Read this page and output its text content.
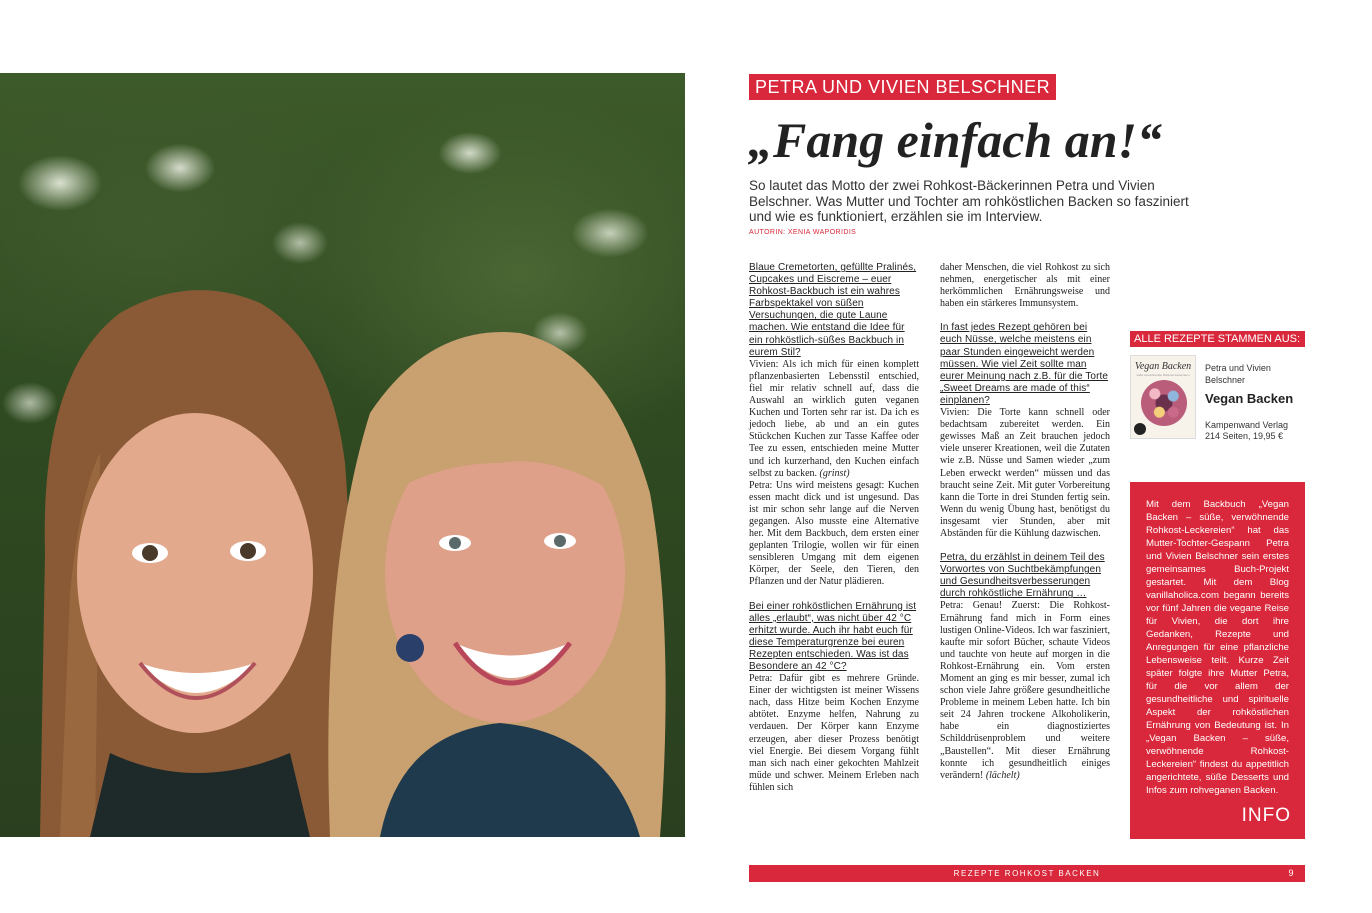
PETRA UND VIVIEN BELSCHNER
„Fang einfach an!“
So lautet das Motto der zwei Rohkost-Bäckerinnen Petra und Vivien Belschner. Was Mutter und Tochter am rohköstlichen Backen so fasziniert und wie es funktioniert, erzählen sie im Interview.
AUTORIN: XENIA WAPORIDIS

Blaue Cremetorten, gefüllte Pralinés, Cupcakes und Eiscreme – euer Rohkost-Backbuch ist ein wahres Farbspektakel von süßen Versuchungen, die gute Laune machen. Wie entstand die Idee für ein rohköstlich-süßes Backbuch in eurem Stil?

Vivien: Als ich mich für einen komplett pflanzenbasierten Lebensstil entschied, fiel mir relativ schnell auf, dass die Auswahl an wirklich guten veganen Kuchen und Torten sehr rar ist. Da ich es jedoch liebe, ab und an ein gutes Stückchen Kuchen zur Tasse Kaffee oder Tee zu essen, entschieden meine Mutter und ich kurzerhand, den Kuchen einfach selbst zu backen. (grinst)

Petra: Uns wird meistens gesagt: Kuchen essen macht dick und ist ungesund. Das ist mir schon sehr lange auf die Nerven gegangen. Also musste eine Alternative her. Mit dem Backbuch, dem ersten einer geplanten Trilogie, wollen wir für einen sensibleren Umgang mit dem eigenen Körper, der Seele, den Tieren, den Pflanzen und der Natur plädieren.

Bei einer rohköstlichen Ernährung ist alles „erlaubt“, was nicht über 42 °C erhitzt wurde. Auch ihr habt euch für diese Temperaturgrenze bei euren Rezepten entschieden. Was ist das Besondere an 42 °C?

Petra: Dafür gibt es mehrere Gründe. Einer der wichtigsten ist meiner Wissens nach, dass Hitze beim Kochen Enzyme abtötet. Enzyme helfen, Nahrung zu verdauen. Der Körper kann Enzyme erzeugen, aber dieser Prozess benötigt viel Energie. Bei diesem Vorgang fühlt man sich nach einer gekochten Mahlzeit müde und schwer. Meinem Erleben nach fühlen sich

daher Menschen, die viel Rohkost zu sich nehmen, energetischer als mit einer herkömmlichen Ernährungsweise und haben ein stärkeres Immunsystem.

In fast jedes Rezept gehören bei euch Nüsse, welche meistens ein paar Stunden eingeweicht werden müssen. Wie viel Zeit sollte man eurer Meinung nach z.B. für die Torte „Sweet Dreams are made of this“ einplanen?

Vivien: Die Torte kann schnell oder bedachtsam zubereitet werden. Ein gewisses Maß an Zeit brauchen jedoch viele unserer Kreationen, weil die Zutaten wie z.B. Nüsse und Samen wieder „zum Leben erweckt werden“ müssen und das braucht seine Zeit. Mit guter Vorbereitung kann die Torte in drei Stunden fertig sein. Wenn du wenig Übung hast, benötigst du insgesamt vier Stunden, aber mit Abständen für die Kühlung dazwischen.

Petra, du erzählst in deinem Teil des Vorwortes von Suchtbekämpfungen und Gesundheitsverbesserungen durch rohköstliche Ernährung …

Petra: Genau! Zuerst: Die Rohkost-Ernährung fand mich in Form eines lustigen Online-Videos. Ich war fasziniert, kaufte mir sofort Bücher, schaute Videos und tauchte von heute auf morgen in die Rohkost-Ernährung ein. Vom ersten Moment an ging es mir besser, zumal ich schon viele Jahre größere gesundheitliche Probleme in meinem Leben hatte. Ich bin seit 24 Jahren trockene Alkoholikerin, habe ein diagnostiziertes Schilddrüsenproblem und weitere „Baustellen“. Mit dieser Ernährung konnte ich gesundheitlich einiges verändern! (lächelt)

ALLE REZEPTE STAMMEN AUS:
Vegan Backen
süße verwöhnende Rohkost-Leckereien
Petra und Vivien Belschner
Vegan Backen
Kampenwand Verlag
214 Seiten, 19,95 €
Mit dem Backbuch „Vegan Backen – süße, verwöhnende Rohkost-Leckereien“ hat das Mutter-Tochter-Gespann Petra und Vivien Belschner sein erstes gemeinsames Buch-Projekt gestartet. Mit dem Blog vanillaholica.com begann bereits vor fünf Jahren die vegane Reise für Vivien, die dort ihre Gedanken, Rezepte und Anregungen für eine pflanzliche Lebensweise teilt. Kurze Zeit später folgte ihre Mutter Petra, für die vor allem der gesundheitliche und spirituelle Aspekt der rohköstlichen Ernährung von Bedeutung ist. In „Vegan Backen – süße, verwöhnende Rohkost-Leckereien“ findest du appetitlich angerichtete, süße Desserts und Infos zum rohveganen Backen.
INFO
REZEPTE ROHKOST BACKEN	9
